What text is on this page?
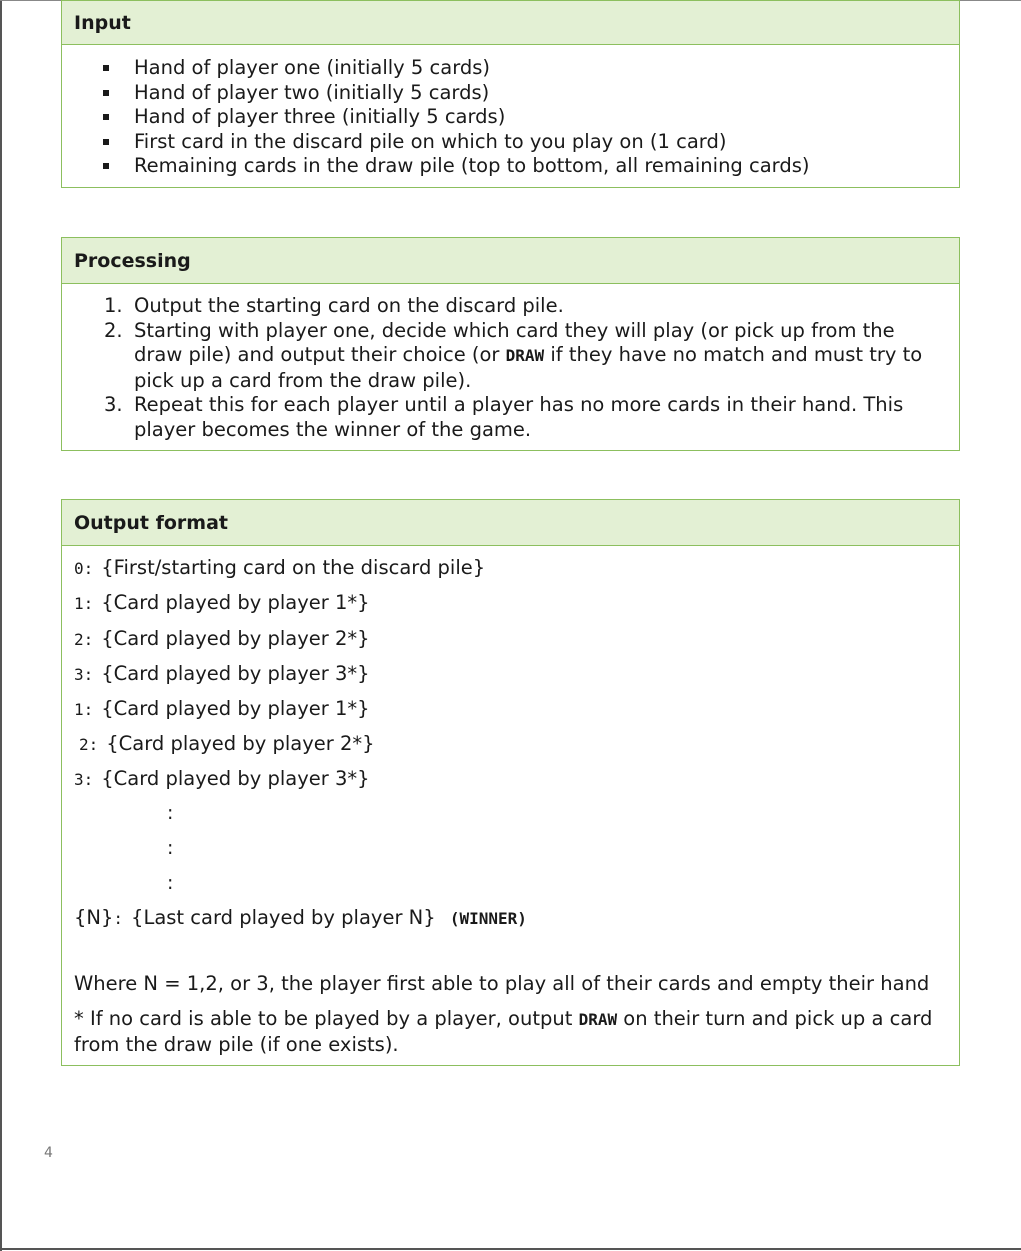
Input
Hand of player one (initially 5 cards)
Hand of player two (initially 5 cards)
Hand of player three (initially 5 cards)
First card in the discard pile on which to you play on (1 card)
Remaining cards in the draw pile (top to bottom, all remaining cards)
Processing
1. Output the starting card on the discard pile.
2. Starting with player one, decide which card they will play (or pick up from the draw pile) and output their choice (or DRAW if they have no match and must try to pick up a card from the draw pile).
3. Repeat this for each player until a player has no more cards in their hand. This player becomes the winner of the game.
Output format
0: {First/starting card on the discard pile}
1: {Card played by player 1*}
2: {Card played by player 2*}
3: {Card played by player 3*}
1: {Card played by player 1*}
2: {Card played by player 2*}
3: {Card played by player 3*}
:
:
:
{N}: {Last card played by player N} (WINNER)
Where N = 1,2, or 3, the player first able to play all of their cards and empty their hand
* If no card is able to be played by a player, output DRAW on their turn and pick up a card from the draw pile (if one exists).
4
